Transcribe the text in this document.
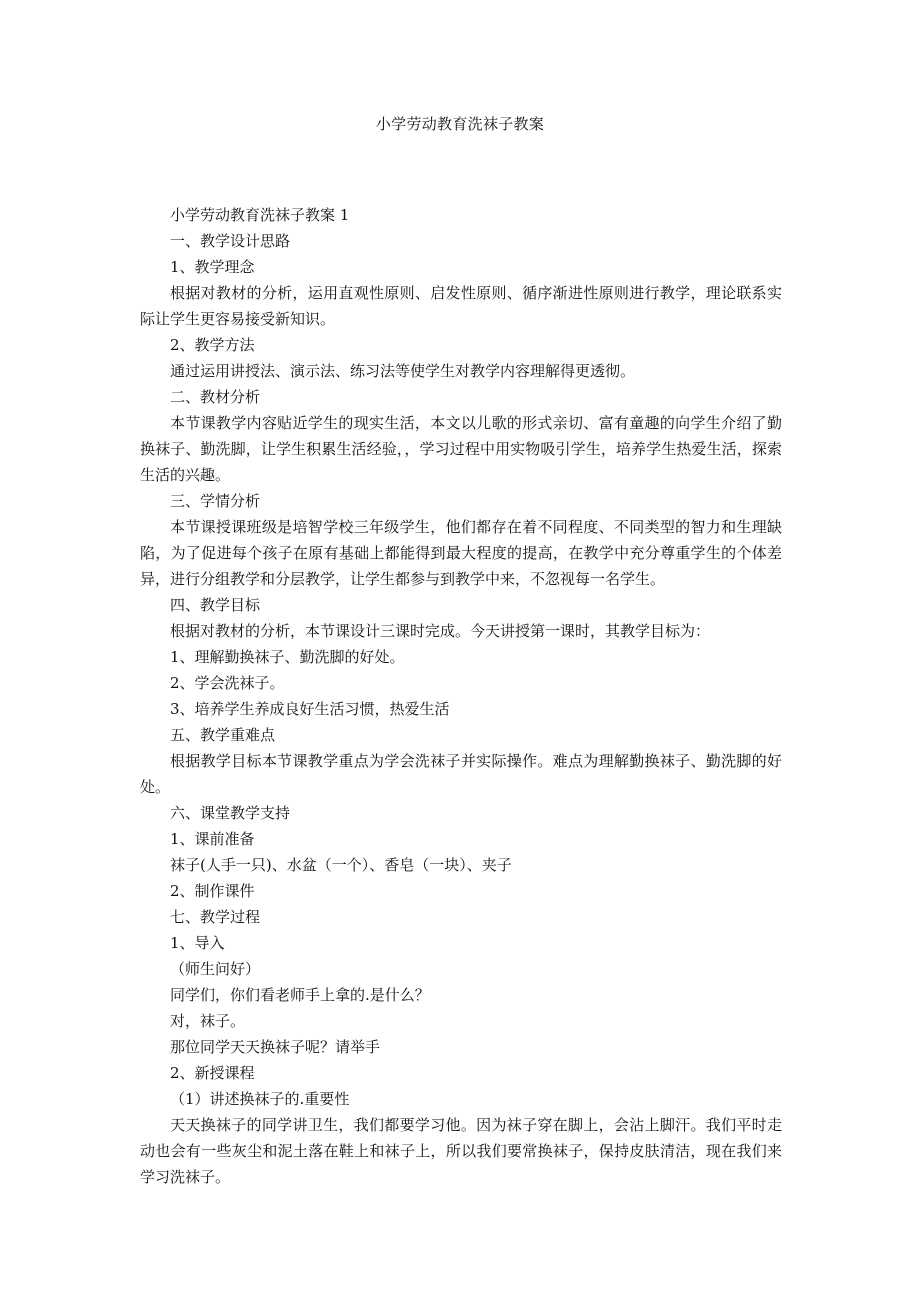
小学劳动教育洗袜子教案

小学劳动教育洗袜子教案 1

一、教学设计思路

1、教学理念

根据对教材的分析，运用直观性原则、启发性原则、循序渐进性原则进行教学，理论联系实际让学生更容易接受新知识。

2、教学方法

通过运用讲授法、演示法、练习法等使学生对教学内容理解得更透彻。

二、教材分析

本节课教学内容贴近学生的现实生活，本文以儿歌的形式亲切、富有童趣的向学生介绍了勤换袜子、勤洗脚，让学生积累生活经验，，学习过程中用实物吸引学生，培养学生热爱生活，探索生活的兴趣。

三、学情分析

本节课授课班级是培智学校三年级学生，他们都存在着不同程度、不同类型的智力和生理缺陷，为了促进每个孩子在原有基础上都能得到最大程度的提高，在教学中充分尊重学生的个体差异，进行分组教学和分层教学，让学生都参与到教学中来，不忽视每一名学生。

四、教学目标

根据对教材的分析，本节课设计三课时完成。今天讲授第一课时，其教学目标为：

1、理解勤换袜子、勤洗脚的好处。

2、学会洗袜子。

3、培养学生养成良好生活习惯，热爱生活

五、教学重难点

根据教学目标本节课教学重点为学会洗袜子并实际操作。难点为理解勤换袜子、勤洗脚的好处。

六、课堂教学支持

1、课前准备

袜子(人手一只)、水盆（一个）、香皂（一块）、夹子

2、制作课件

七、教学过程

1、导入

（师生问好）

同学们，你们看老师手上拿的.是什么？

对，袜子。

那位同学天天换袜子呢？请举手

2、新授课程

（1）讲述换袜子的.重要性

天天换袜子的同学讲卫生，我们都要学习他。因为袜子穿在脚上，会沾上脚汗。我们平时走动也会有一些灰尘和泥土落在鞋上和袜子上，所以我们要常换袜子，保持皮肤清洁，现在我们来学习洗袜子。
